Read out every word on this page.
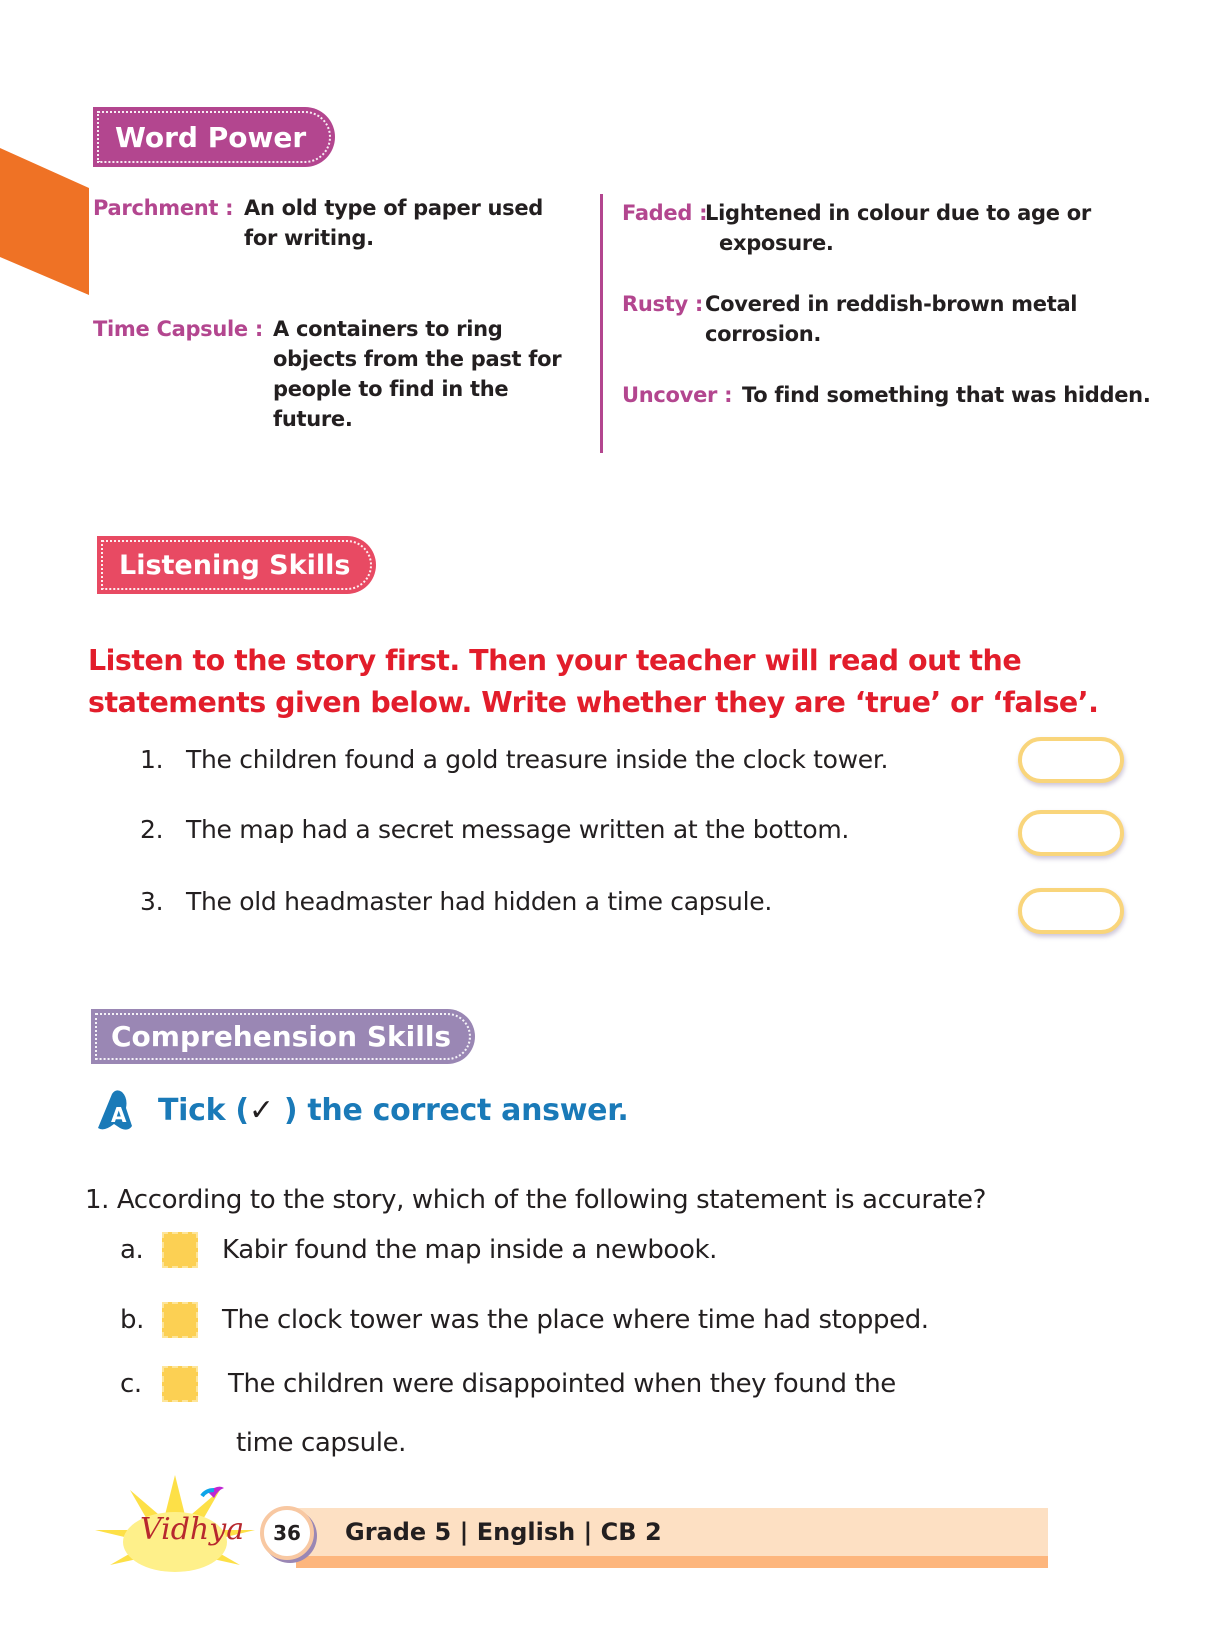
Word Power
Parchment : An old type of paper used
for writing.
Time Capsule : A containers to ring
objects from the past for
people to find in the
future.
Faded :
Lightened in colour due to age or
exposure.
Rusty : Covered in reddish-brown metal
corrosion.
Uncover : To find something that was hidden.
Listening Skills
Listen to the story first. Then your teacher will read out the
statements given below. Write whether they are ‘true’ or ‘false’.
1. The children found a gold treasure inside the clock tower.
2. The map had a secret message written at the bottom.
3. The old headmaster had hidden a time capsule.
Comprehension Skills
A Tick (✓ ) the correct answer.
1. According to the story, which of the following statement is accurate?
a.	Kabir found the map inside a newbook.
b.	The clock tower was the place where time had stopped.
c.	The children were disappointed when they found the
time capsule.
Vidhya	36	Grade 5 | English | CB 2
